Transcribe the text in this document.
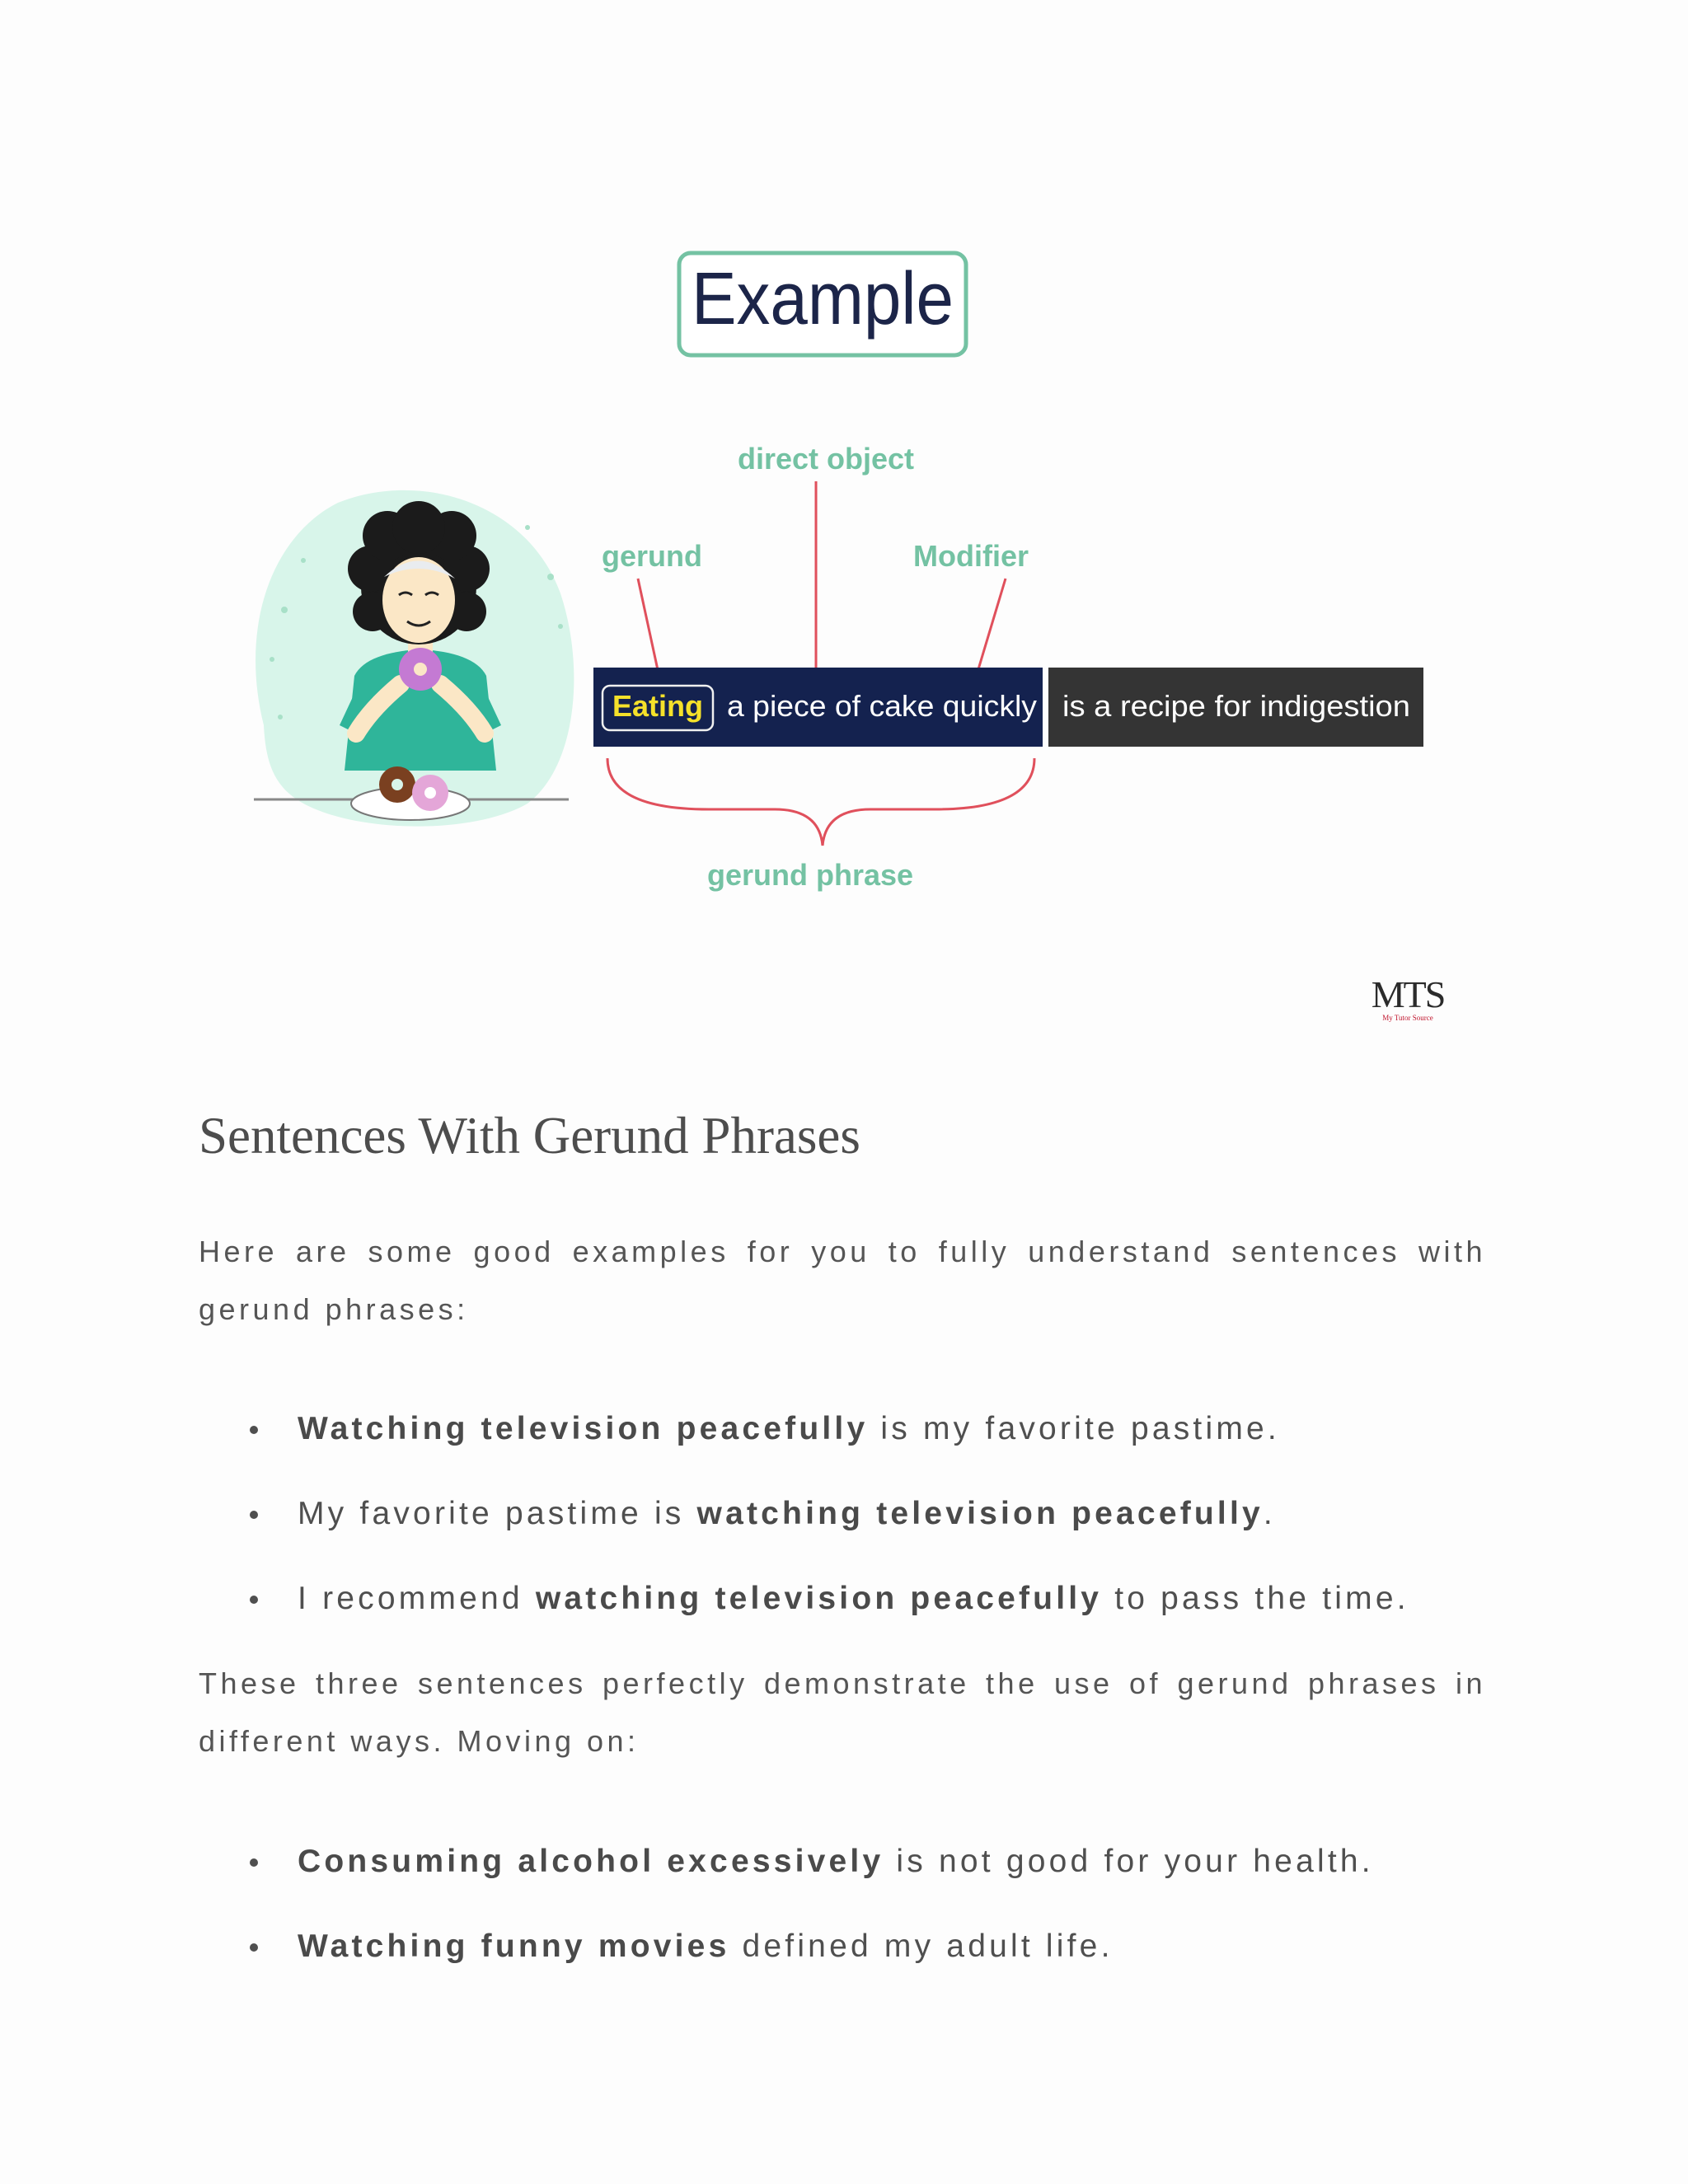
Example
direct object
gerund	Modifier
Eating a piece of cake quickly is a recipe for indigestion
gerund phrase
MTS
My Tutor Source
Sentences With Gerund Phrases

Here are some good examples for you to fully understand sentences with gerund phrases:

Watching television peacefully is my favorite pastime.
My favorite pastime is watching television peacefully.
I recommend watching television peacefully to pass the time.

These three sentences perfectly demonstrate the use of gerund phrases in different ways. Moving on:

Consuming alcohol excessively is not good for your health.
Watching funny movies defined my adult life.
